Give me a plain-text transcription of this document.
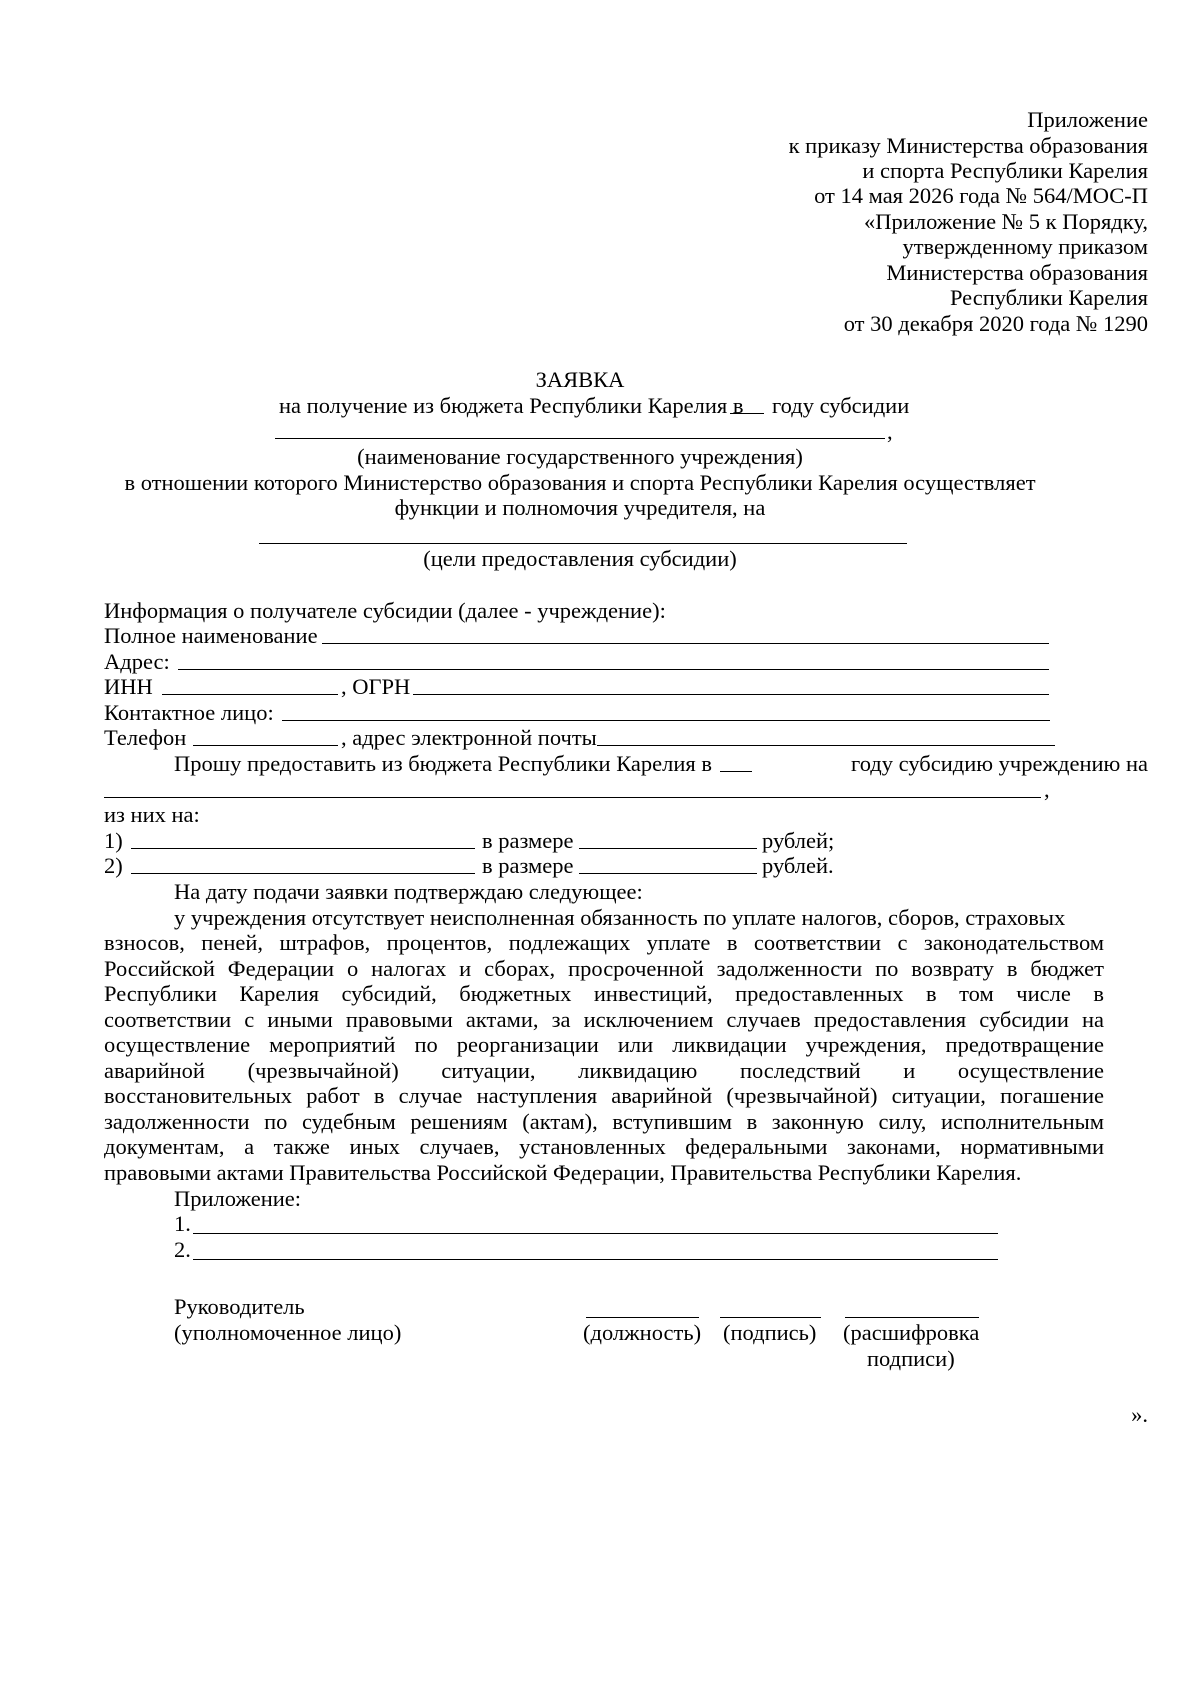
Приложение
к приказу Министерства образования
и спорта Республики Карелия
от 14 мая 2026 года № 564/МОС-П
«Приложение № 5 к Порядку,
утвержденному приказом
Министерства образования
Республики Карелия
от 30 декабря 2020 года № 1290
ЗАЯВКА
на получение из бюджета Республики Карелия в году субсидии
,
(наименование государственного учреждения)
в отношении которого Министерство образования и спорта Республики Карелия осуществляет
функции и полномочия учредителя, на
(цели предоставления субсидии)
Информация о получателе субсидии (далее - учреждение):
Полное наименование
Адрес:
ИНН	, ОГРН
Контактное лицо:
Телефон	, адрес электронной почты
Прошу предоставить из бюджета Республики Карелия в	году субсидию учреждению на
,
из них на:
1)	в размере	рублей;
2)	в размере	рублей.
На дату подачи заявки подтверждаю следующее:
у учреждения отсутствует неисполненная обязанность по уплате налогов, сборов, страховых
взносов, пеней, штрафов, процентов, подлежащих уплате в соответствии с законодательством
Российской Федерации о налогах и сборах, просроченной задолженности по возврату в бюджет
Республики Карелия субсидий, бюджетных инвестиций, предоставленных в том числе в
соответствии с иными правовыми актами, за исключением случаев предоставления субсидии на
осуществление мероприятий по реорганизации или ликвидации учреждения, предотвращение
аварийной (чрезвычайной) ситуации, ликвидацию последствий и осуществление
восстановительных работ в случае наступления аварийной (чрезвычайной) ситуации, погашение
задолженности по судебным решениям (актам), вступившим в законную силу, исполнительным
документам, а также иных случаев, установленных федеральными законами, нормативными
правовыми актами Правительства Российской Федерации, Правительства Республики Карелия.
Приложение:
1.
2.
Руководитель
(уполномоченное лицо)	(должность) (подпись) (расшифровка
подписи)
».
